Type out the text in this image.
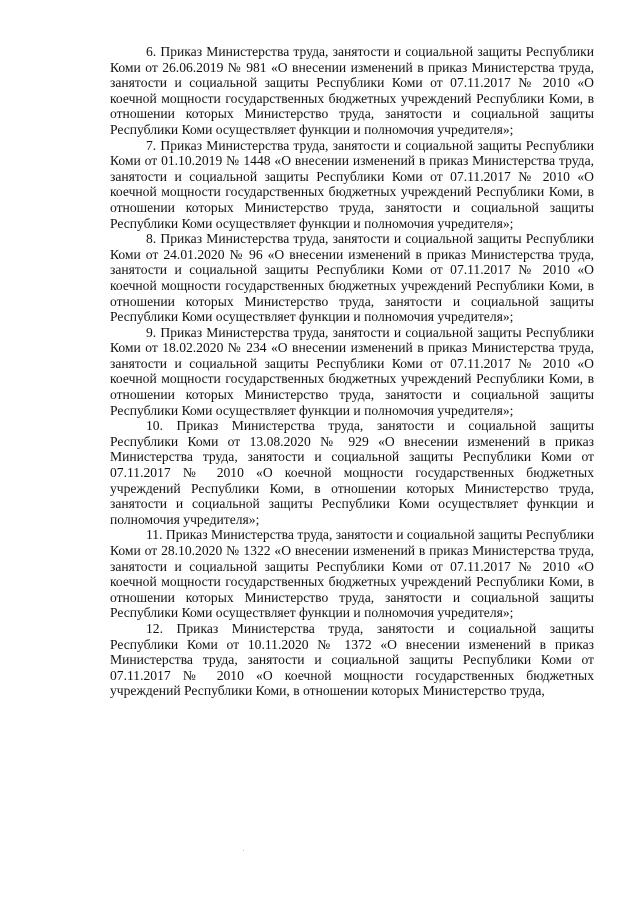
6. Приказ Министерства труда, занятости и социальной защиты Республики Коми от 26.06.2019 № 981 «О внесении изменений в приказ Министерства труда, занятости и социальной защиты Республики Коми от 07.11.2017 № 2010 «О коечной мощности государственных бюджетных учреждений Республики Коми, в отношении которых Министерство труда, занятости и социальной защиты Республики Коми осуществляет функции и полномочия учредителя»;

7. Приказ Министерства труда, занятости и социальной защиты Республики Коми от 01.10.2019 № 1448 «О внесении изменений в приказ Министерства труда, занятости и социальной защиты Республики Коми от 07.11.2017 № 2010 «О коечной мощности государственных бюджетных учреждений Республики Коми, в отношении которых Министерство труда, занятости и социальной защиты Республики Коми осуществляет функции и полномочия учредителя»;

8. Приказ Министерства труда, занятости и социальной защиты Республики Коми от 24.01.2020 № 96 «О внесении изменений в приказ Министерства труда, занятости и социальной защиты Республики Коми от 07.11.2017 № 2010 «О коечной мощности государственных бюджетных учреждений Республики Коми, в отношении которых Министерство труда, занятости и социальной защиты Республики Коми осуществляет функции и полномочия учредителя»;

9. Приказ Министерства труда, занятости и социальной защиты Республики Коми от 18.02.2020 № 234 «О внесении изменений в приказ Министерства труда, занятости и социальной защиты Республики Коми от 07.11.2017 № 2010 «О коечной мощности государственных бюджетных учреждений Республики Коми, в отношении которых Министерство труда, занятости и социальной защиты Республики Коми осуществляет функции и полномочия учредителя»;

10. Приказ Министерства труда, занятости и социальной защиты Республики Коми от 13.08.2020 № 929 «О внесении изменений в приказ Министерства труда, занятости и социальной защиты Республики Коми от 07.11.2017 № 2010 «О коечной мощности государственных бюджетных учреждений Республики Коми, в отношении которых Министерство труда, занятости и социальной защиты Республики Коми осуществляет функции и полномочия учредителя»;

11. Приказ Министерства труда, занятости и социальной защиты Республики Коми от 28.10.2020 № 1322 «О внесении изменений в приказ Министерства труда, занятости и социальной защиты Республики Коми от 07.11.2017 № 2010 «О коечной мощности государственных бюджетных учреждений Республики Коми, в отношении которых Министерство труда, занятости и социальной защиты Республики Коми осуществляет функции и полномочия учредителя»;

12. Приказ Министерства труда, занятости и социальной защиты Республики Коми от 10.11.2020 № 1372 «О внесении изменений в приказ Министерства труда, занятости и социальной защиты Республики Коми от 07.11.2017 № 2010 «О коечной мощности государственных бюджетных учреждений Республики Коми, в отношении которых Министерство труда,
